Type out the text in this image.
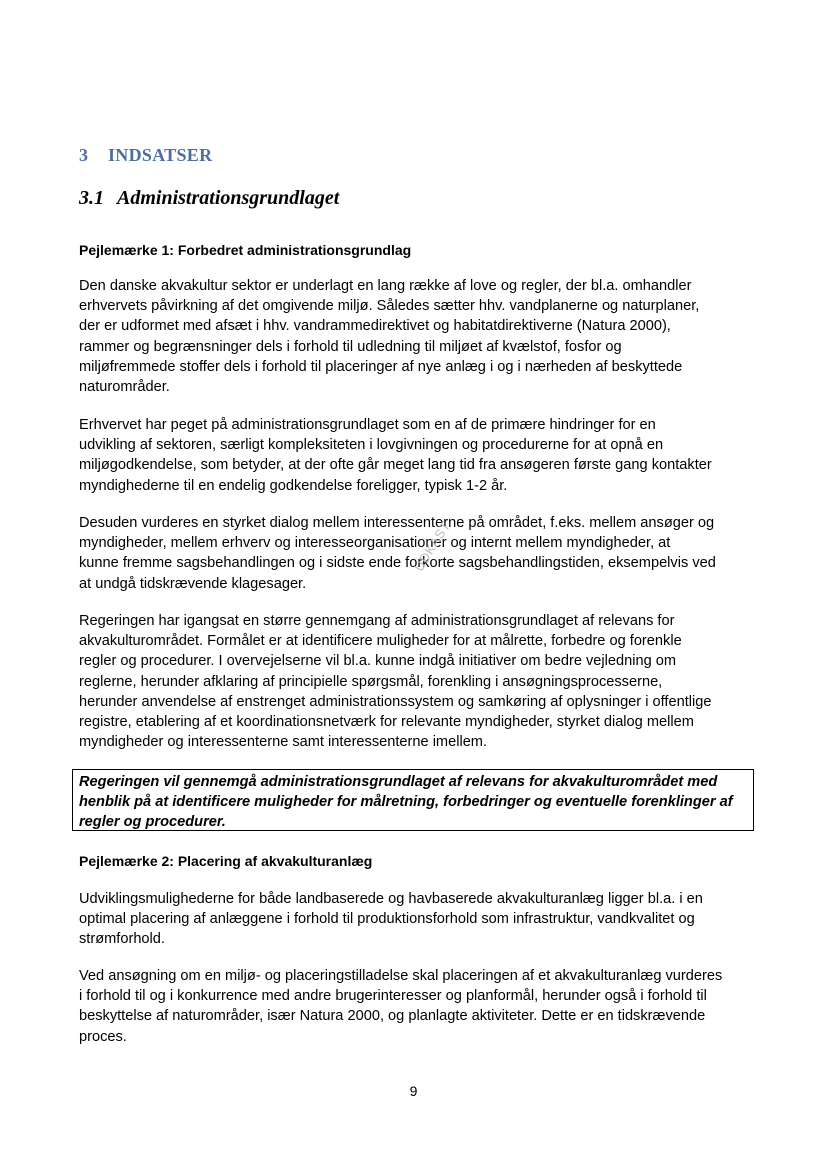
3 INDSATSER
3.1 Administrationsgrundlaget
Pejlemærke 1: Forbedret administrationsgrundlag
Den danske akvakultur sektor er underlagt en lang række af love og regler, der bl.a. omhandler
erhvervets påvirkning af det omgivende miljø. Således sætter hhv. vandplanerne og naturplaner,
der er udformet med afsæt i hhv. vandrammedirektivet og habitatdirektiverne (Natura 2000),
rammer og begrænsninger dels i forhold til udledning til miljøet af kvælstof, fosfor og
miljøfremmede stoffer dels i forhold til placeringer af nye anlæg i og i nærheden af beskyttede
naturområder.
Erhvervet har peget på administrationsgrundlaget som en af de primære hindringer for en
udvikling af sektoren, særligt kompleksiteten i lovgivningen og procedurerne for at opnå en
miljøgodkendelse, som betyder, at der ofte går meget lang tid fra ansøgeren første gang kontakter
myndighederne til en endelig godkendelse foreligger, typisk 1-2 år.
Desuden vurderes en styrket dialog mellem interessenterne på området, f.eks. mellem ansøger og
myndigheder, mellem erhverv og interesseorganisationer og internt mellem myndigheder, at
kunne fremme sagsbehandlingen og i sidste ende forkorte sagsbehandlingstiden, eksempelvis ved
at undgå tidskrævende klagesager.
Regeringen har igangsat en større gennemgang af administrationsgrundlaget af relevans for
akvakulturområdet. Formålet er at identificere muligheder for at målrette, forbedre og forenkle
regler og procedurer. I overvejelserne vil bl.a. kunne indgå initiativer om bedre vejledning om
reglerne, herunder afklaring af principielle spørgsmål, forenkling i ansøgningsprocesserne,
herunder anvendelse af enstrenget administrationssystem og samkøring af oplysninger i offentlige
registre, etablering af et koordinationsnetværk for relevante myndigheder, styrket dialog mellem
myndigheder og interessenterne samt interessenterne imellem.
Regeringen vil gennemgå administrationsgrundlaget af relevans for akvakulturområdet med
henblik på at identificere muligheder for målretning, forbedringer og eventuelle forenklinger af
regler og procedurer.
Pejlemærke 2: Placering af akvakulturanlæg
Udviklingsmulighederne for både landbaserede og havbaserede akvakulturanlæg ligger bl.a. i en
optimal placering af anlæggene i forhold til produktionsforhold som infrastruktur, vandkvalitet og
strømforhold.
Ved ansøgning om en miljø- og placeringstilladelse skal placeringen af et akvakulturanlæg vurderes
i forhold til og i konkurrence med andre brugerinteresser og planformål, herunder også i forhold til
beskyttelse af naturområder, især Natura 2000, og planlagte aktiviteter. Dette er en tidskrævende
proces.
UDKAST
9
